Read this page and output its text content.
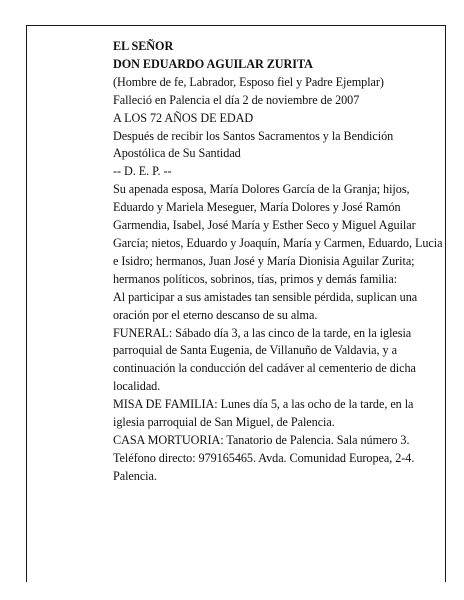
EL SEÑOR

DON EDUARDO AGUILAR ZURITA

(Hombre de fe, Labrador, Esposo fiel y Padre Ejemplar)

Falleció en Palencia el día 2 de noviembre de 2007

A LOS 72 AÑOS DE EDAD

Después de recibir los Santos Sacramentos y la Bendición Apostólica de Su Santidad

-- D. E. P. --

Su apenada esposa, María Dolores García de la Granja; hijos, Eduardo y Mariela Meseguer, María Dolores y José Ramón Garmendia, Isabel, José María y Esther Seco y Miguel Aguilar García; nietos, Eduardo y Joaquín, María y Carmen, Eduardo, Lucia e Isidro; hermanos, Juan José y María Dionisia Aguilar Zurita; hermanos políticos, sobrinos, tías, primos y demás familia:

Al participar a sus amistades tan sensible pérdida, suplican una oración por el eterno descanso de su alma.

FUNERAL: Sábado día 3, a las cinco de la tarde, en la iglesia parroquial de Santa Eugenia, de Villanuño de Valdavia, y a continuación la conducción del cadáver al cementerio de dicha localidad.

MISA DE FAMILIA: Lunes día 5, a las ocho de la tarde, en la iglesia parroquial de San Miguel, de Palencia.

CASA MORTUORIA: Tanatorio de Palencia. Sala número 3. Teléfono directo: 979165465. Avda. Comunidad Europea, 2-4. Palencia.
